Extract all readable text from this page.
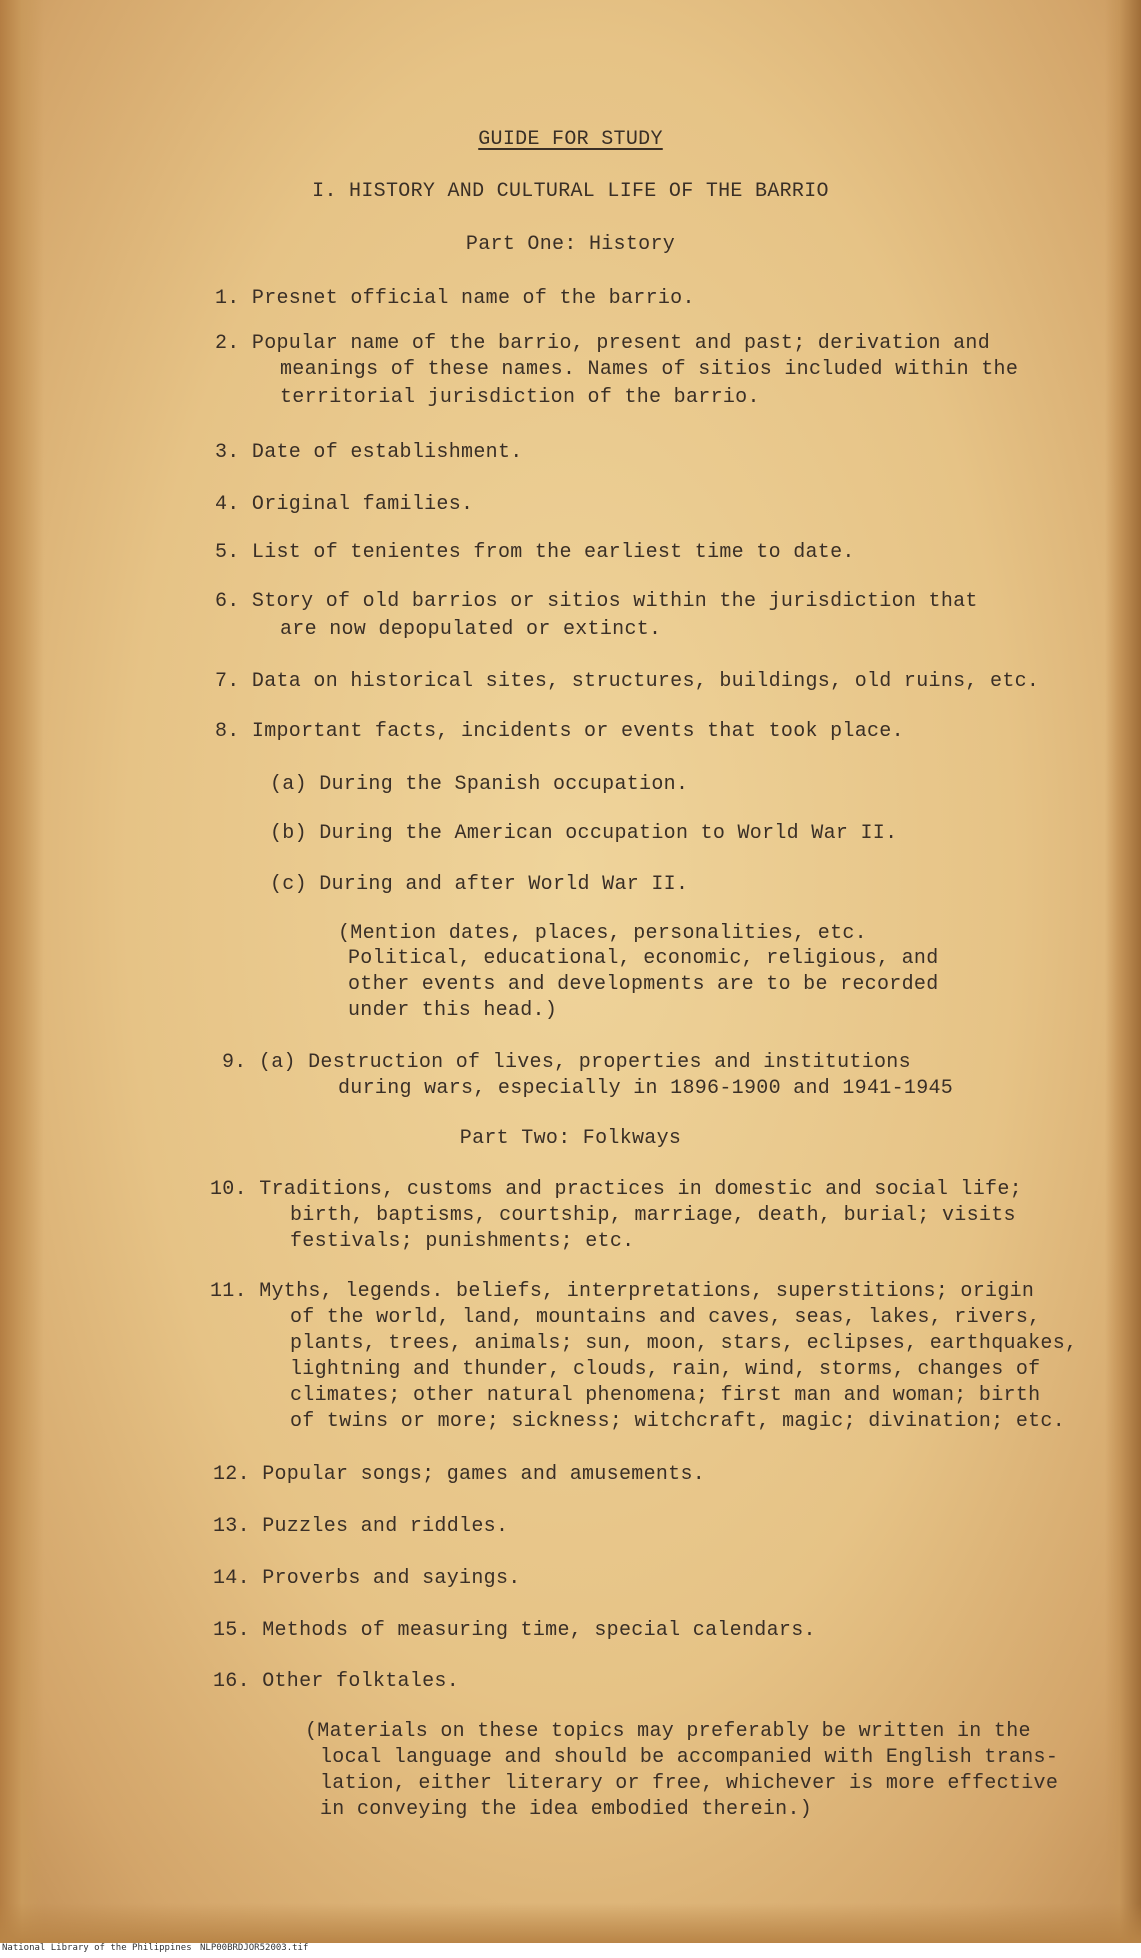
GUIDE FOR STUDY
I. HISTORY AND CULTURAL LIFE OF THE BARRIO
Part One: History
1. Presnet official name of the barrio.
2. Popular name of the barrio, present and past; derivation and
meanings of these names. Names of sitios included within the
territorial jurisdiction of the barrio.
3. Date of establishment.
4. Original families.
5. List of tenientes from the earliest time to date.
6. Story of old barrios or sitios within the jurisdiction that
are now depopulated or extinct.
7. Data on historical sites, structures, buildings, old ruins, etc.
8. Important facts, incidents or events that took place.
(a) During the Spanish occupation.
(b) During the American occupation to World War II.
(c) During and after World War II.
(Mention dates, places, personalities, etc.
Political, educational, economic, religious, and
other events and developments are to be recorded
under this head.)
9. (a) Destruction of lives, properties and institutions
during wars, especially in 1896-1900 and 1941-1945
Part Two: Folkways
10. Traditions, customs and practices in domestic and social life;
birth, baptisms, courtship, marriage, death, burial; visits
festivals; punishments; etc.
11. Myths, legends. beliefs, interpretations, superstitions; origin
of the world, land, mountains and caves, seas, lakes, rivers,
plants, trees, animals; sun, moon, stars, eclipses, earthquakes,
lightning and thunder, clouds, rain, wind, storms, changes of
climates; other natural phenomena; first man and woman; birth
of twins or more; sickness; witchcraft, magic; divination; etc.
12. Popular songs; games and amusements.
13. Puzzles and riddles.
14. Proverbs and sayings.
15. Methods of measuring time, special calendars.
16. Other folktales.
(Materials on these topics may preferably be written in the
local language and should be accompanied with English trans-
lation, either literary or free, whichever is more effective
in conveying the idea embodied therein.)
National Library of the Philippines NLP00BRDJOR52003.tif
